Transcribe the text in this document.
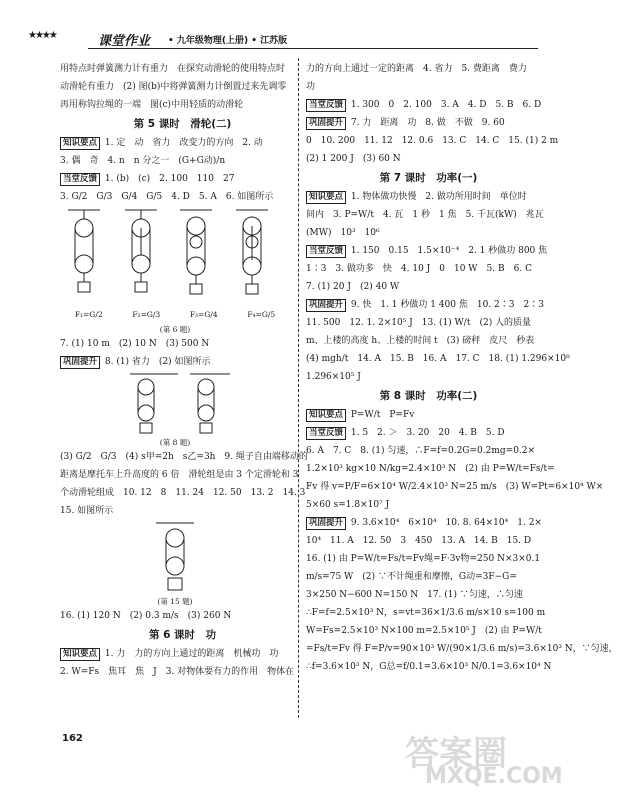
★★★★	课堂作业 • 九年级物理(上册) • 江苏版
用特点时弹簧测力计有重力　在探究动滑轮的使用特点时
动滑轮有重力　(2) 图(b)中将弹簧测力计倒置过来先调零
再用称钩拉绳的一端　图(c)中用轻质的动滑轮
第 5 课时　滑轮(二)
知识要点 1. 定　动　省力　改变力的方向　2. 动
3. 偶　奇　4. n　n 分之一　(G+G动)/n
当堂反馈 1. (b)　(c)　2. 100　110　27
3. G/2　G/3　G/4　G/5　4. D　5. A　6. 如图所示
F₁=G/2	F₂=G/3	F₃=G/4	F₄=G/5
(第 6 题)
7. (1) 10 m　(2) 10 N　(3) 500 N
巩固提升 8. (1) 省力　(2) 如图所示
(第 8 题)
(3) G/2　G/3　(4) s甲=2h　s乙=3h　9. 绳子自由端移动的
距离是摩托车上升高度的 6 倍　滑轮组是由 3 个定滑轮和 3
个动滑轮组成　10. 12　8　11. 24　12. 50　13. 2　14. 3
15. 如图所示
(第 15 题)
16. (1) 120 N　(2) 0.3 m/s　(3) 260 N
第 6 课时　功
知识要点 1. 力　力的方向上通过的距离　机械功　功
2. W=Fs　焦耳　焦　J　3. 对物体要有力的作用　物体在
力的方向上通过一定的距离　4. 省力　5. 费距离　费力
功
当堂反馈 1. 300　0　2. 100　3. A　4. D　5. B　6. D
巩固提升 7. 力　距离　功　8. 做　不做　9. 60
0　10. 200　11. 12　12. 0.6　13. C　14. C　15. (1) 2 m
(2) 1 200 J　(3) 60 N
第 7 课时　功率(一)
知识要点 1. 物体做功快慢　2. 做功所用时间　单位时
间内　3. P=W/t　4. 瓦　1 秒　1 焦　5. 千瓦(kW)　兆瓦
(MW)　10³　10⁶
当堂反馈 1. 150　0.15　1.5×10⁻⁴　2. 1 秒做功 800 焦
1∶3　3. 做功多　快　4. 10 J　0　10 W　5. B　6. C
7. (1) 20 J　(2) 40 W
巩固提升 9. 快　1. 1 秒做功 1 400 焦　10. 2∶3　2∶3
11. 500　12. 1. 2×10⁵ J　13. (1) W/t　(2) 人的质量
m、上楼的高度 h、上楼的时间 t　(3) 磅秤　皮尺　秒表
(4) mgh/t　14. A　15. B　16. A　17. C　18. (1) 1.296×10⁸
1.296×10⁵ J
第 8 课时　功率(二)
知识要点 P=W/t　P=Fv
当堂反馈 1. 5　2. ＞　3. 20　20　4. B　5. D
6. A　7. C　8. (1) 匀速，∴F=f=0.2G=0.2mg=0.2×
1.2×10³ kg×10 N/kg=2.4×10³ N　(2) 由 P=W/t=Fs/t=
Fv 得 v=P/F=6×10⁴ W/2.4×10³ N=25 m/s　(3) W=Pt=6×10⁴ W×
5×60 s=1.8×10⁷ J
巩固提升 9. 3.6×10⁴　6×10⁴　10. 8. 64×10⁴　1. 2×
10⁴　11. A　12. 50　3　450　13. A　14. B　15. D
16. (1) 由 P=W/t=Fs/t=Fv绳=F·3v物=250 N×3×0.1
m/s=75 W　(2) ∵不计绳重和摩擦，G动=3F−G=
3×250 N−600 N=150 N　17. (1) ∵匀速，∴匀速
∴F=f=2.5×10³ N，s=vt=36×1/3.6 m/s×10 s=100 m
W=Fs=2.5×10³ N×100 m=2.5×10⁵ J　(2) 由 P=W/t
=Fs/t=Fv 得 F=P/v=90×10³ W/(90×1/3.6 m/s)=3.6×10³ N，∵匀速，
∴f=3.6×10³ N，G总=f/0.1=3.6×10³ N/0.1=3.6×10⁴ N
162	答案圈
MXQE.COM
